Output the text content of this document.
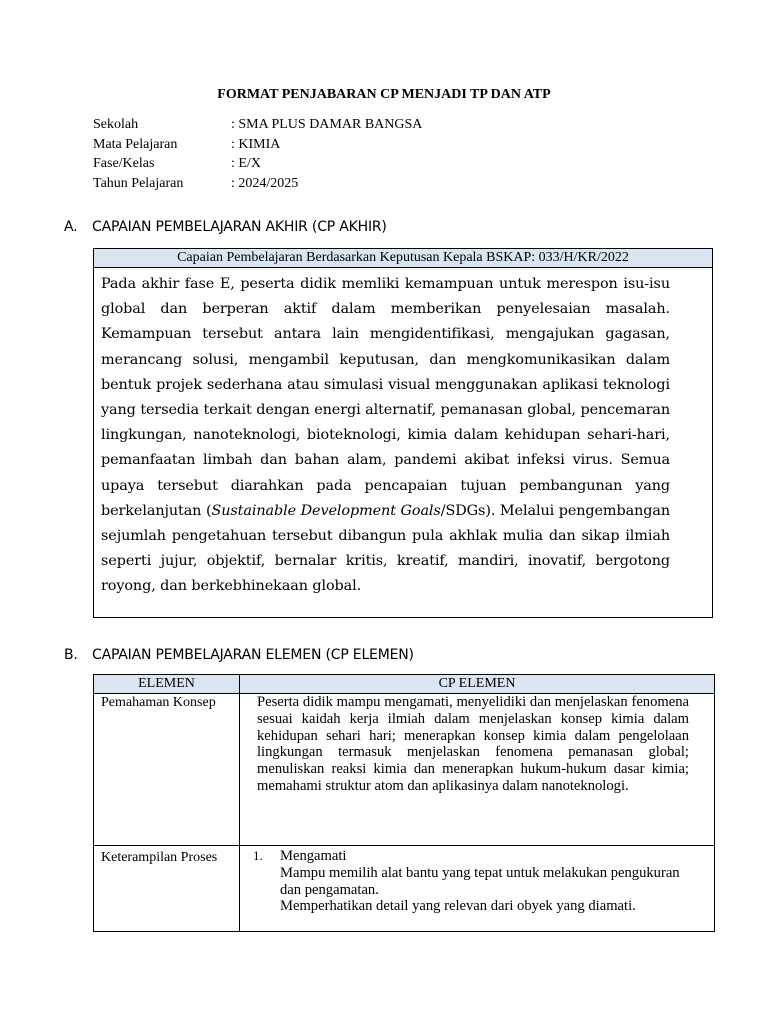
FORMAT PENJABARAN CP MENJADI TP DAN ATP
Sekolah	: SMA PLUS DAMAR BANGSA
Mata Pelajaran	: KIMIA
Fase/Kelas	: E/X
Tahun Pelajaran	: 2024/2025
A. CAPAIAN PEMBELAJARAN AKHIR (CP AKHIR)
Capaian Pembelajaran Berdasarkan Keputusan Kepala BSKAP: 033/H/KR/2022
Pada akhir fase E, peserta didik memliki kemampuan untuk merespon isu-isu global dan berperan aktif dalam memberikan penyelesaian masalah. Kemampuan tersebut antara lain mengidentifikasi, mengajukan gagasan, merancang solusi, mengambil keputusan, dan mengkomunikasikan dalam bentuk projek sederhana atau simulasi visual menggunakan aplikasi teknologi yang tersedia terkait dengan energi alternatif, pemanasan global, pencemaran lingkungan, nanoteknologi, bioteknologi, kimia dalam kehidupan sehari-hari, pemanfaatan limbah dan bahan alam, pandemi akibat infeksi virus. Semua upaya tersebut diarahkan pada pencapaian tujuan pembangunan yang berkelanjutan (Sustainable Development Goals/SDGs). Melalui pengembangan sejumlah pengetahuan tersebut dibangun pula akhlak mulia dan sikap ilmiah seperti jujur, objektif, bernalar kritis, kreatif, mandiri, inovatif, bergotong royong, dan berkebhinekaan global.
B. CAPAIAN PEMBELAJARAN ELEMEN (CP ELEMEN)
ELEMEN	CP ELEMEN
Pemahaman Konsep	Peserta didik mampu mengamati, menyelidiki dan menjelaskan fenomena sesuai kaidah kerja ilmiah dalam menjelaskan konsep kimia dalam kehidupan sehari hari; menerapkan konsep kimia dalam pengelolaan lingkungan termasuk menjelaskan fenomena pemanasan global; menuliskan reaksi kimia dan menerapkan hukum-hukum dasar kimia; memahami struktur atom dan aplikasinya dalam nanoteknologi.
Keterampilan Proses	1. Mengamati
Mampu memilih alat bantu yang tepat untuk melakukan pengukuran dan pengamatan.
Memperhatikan detail yang relevan dari obyek yang diamati.
